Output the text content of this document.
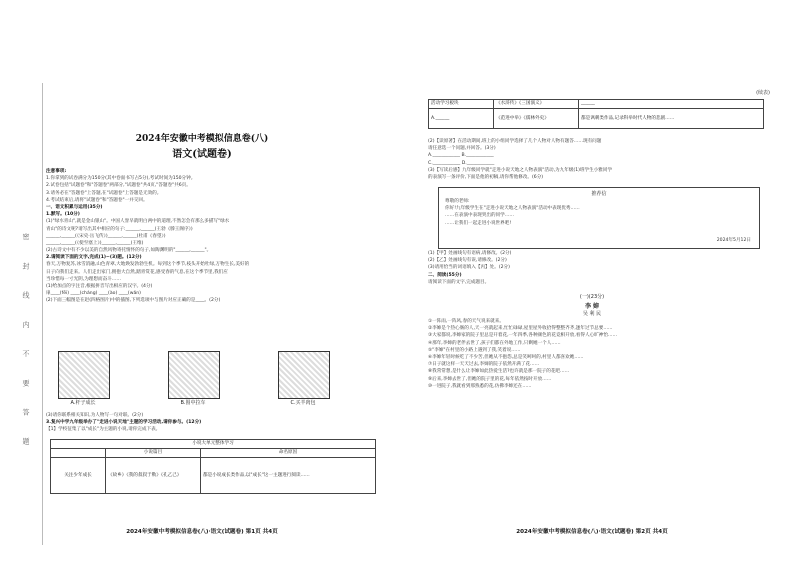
密 封 线 内 不 要 答 题
2024年安徽中考模拟信息卷(八)
语文(试题卷)

注意事项:

1.你拿到的试卷满分为150分(其中卷面书写占5分),考试时间为150分钟。

2.试卷包括"试题卷"和"答题卷"两部分,"试题卷"共4页,"答题卷"共6页。

3.请务必在"答题卷"上答题,在"试题卷"上答题是无效的。

4.考试结束后,请将"试题卷"和"答题卷"一并交回。

一、语文积累与运用(35分)

1.默写。(10分)

(1)"绿水青山",就是金山银山"。中国人誉早就明白两中的道理,不然怎会有那么多描写"绿水

青山"的诗文呢?请写出其中相应的句子:______,______(王勃《滕王阁序》)

______,______(《宋史·岳飞传》)______,______(杜甫《春望》)

______,______(《使至塞上》)______,______(王维)

(2)古诗文中有不少以美的自然风物寄托情怀的句子,如陶渊明的"______,______"。

2.请阅读下面的文字,完成(1)~(3)题。(12分)

春天,万物复苏,冰雪消融,山色青翠,大地焕发勃勃生机。每到这个季节,枝头开始吐绿,万物生长,美好的

日子向我们走来。人们走出家门,拥抱大自然,踏青赏花,感受春的气息,在这个季节里,我们应

当珍惜每一寸光阴,为理想而奋斗……

(1)给加点的字注音,根据拼音写出相应的汉字。(4分)

扉____(fēi) ____(cháng) ____(ào) ____(wǎn)

(2)下面三幅图是在赵(四格图片)中的插图,下列选项中与图片对应正确的是____。(2分)

A.杆子成长	B.围中拉车	C.买羊肉包

(3)请你联系相关知识,为人物写一句对联。(2分)

3.复兴中学九年级举办了"走进小说天地"主题的学习活动,请你参与。(12分)

【1】学校征集了以"成长"为主题的小说,请你完成下表。

小说大单元整体学习		
	小说篇目	命名原因
关注少年成长	《故乡》《我的叔叔于勒》《孔乙己》	都是小说成长类作品,以"成长"这一主题进行阅读……
2024年安徽中考模拟信息卷(八)·语文(试题卷) 第1页 共4页
(续表)
活动学习板块	《水浒传》《三国演义》	______
A.______	《范进中举》《儒林外史》	都是讽刺类作品,记录科举时代人物的悲剧……

(2)【读原著】在活动期间,班上的小组同学选择了几个人物对人物有题答……现有问题

请任意选一个问题,并回答。(3分)

A.____________ B.____________

C.____________ D.____________

(3)【写读后感】九年级同学就"走进小说天地之人物表演"活动,为九年级(1)班学生小雅同学

的表演写一条评价,下面是他的初稿,请你帮他修改。(6分)

推荐信

尊敬的老师:

你好!九年级学生在"走进小说天地之人物表演"活动中表现优秀……

……在表演中表现突出的同学……

……让我们一起走进小说世界吧!

2024年5月12日

(1)【甲】处画线句有语病,请修改。(2分)

(2)【乙】处画线句有误,请修改。(2分)

(3)请用恰当的词语填入【丙】处。(2分)

二、阅读(55分)

请阅读下面的文字,完成题目。

(一)(23分)
李 婶
吴 利 民

①一阵雨,一阵风,春的天气说来就来。

②李婶是个热心肠的人,天一亮就起来,忙忙碌碌,屋里屋外收拾得整整齐齐,逢年过节总要……

③大家都说,李婶家的院子里总是开着花,一年四季,各种颜色的花竞相开放,看得人心旷神怡……

④那年,李婶的老伴去世了,孩子们都在外地工作,只剩她一个人……

⑤"李婶"在村里的小路上遇到了我,笑着说……

⑥李婶年轻时候吃了不少苦,但她从不抱怨,总是笑呵呵的,村里人都喜欢她……

⑦日子就这样一天天过去,李婶的院子依然开满了花……

⑧我常常想,是什么让李婶如此热爱生活?也许就是那一院子的花吧……

⑨后来,李婶去世了,但她的院子里的花,每年依然按时开放……

⑩一进院子,我就看到那熟悉的花,仿佛李婶还在……

2024年安徽中考模拟信息卷(八)·语文(试题卷) 第2页 共4页
